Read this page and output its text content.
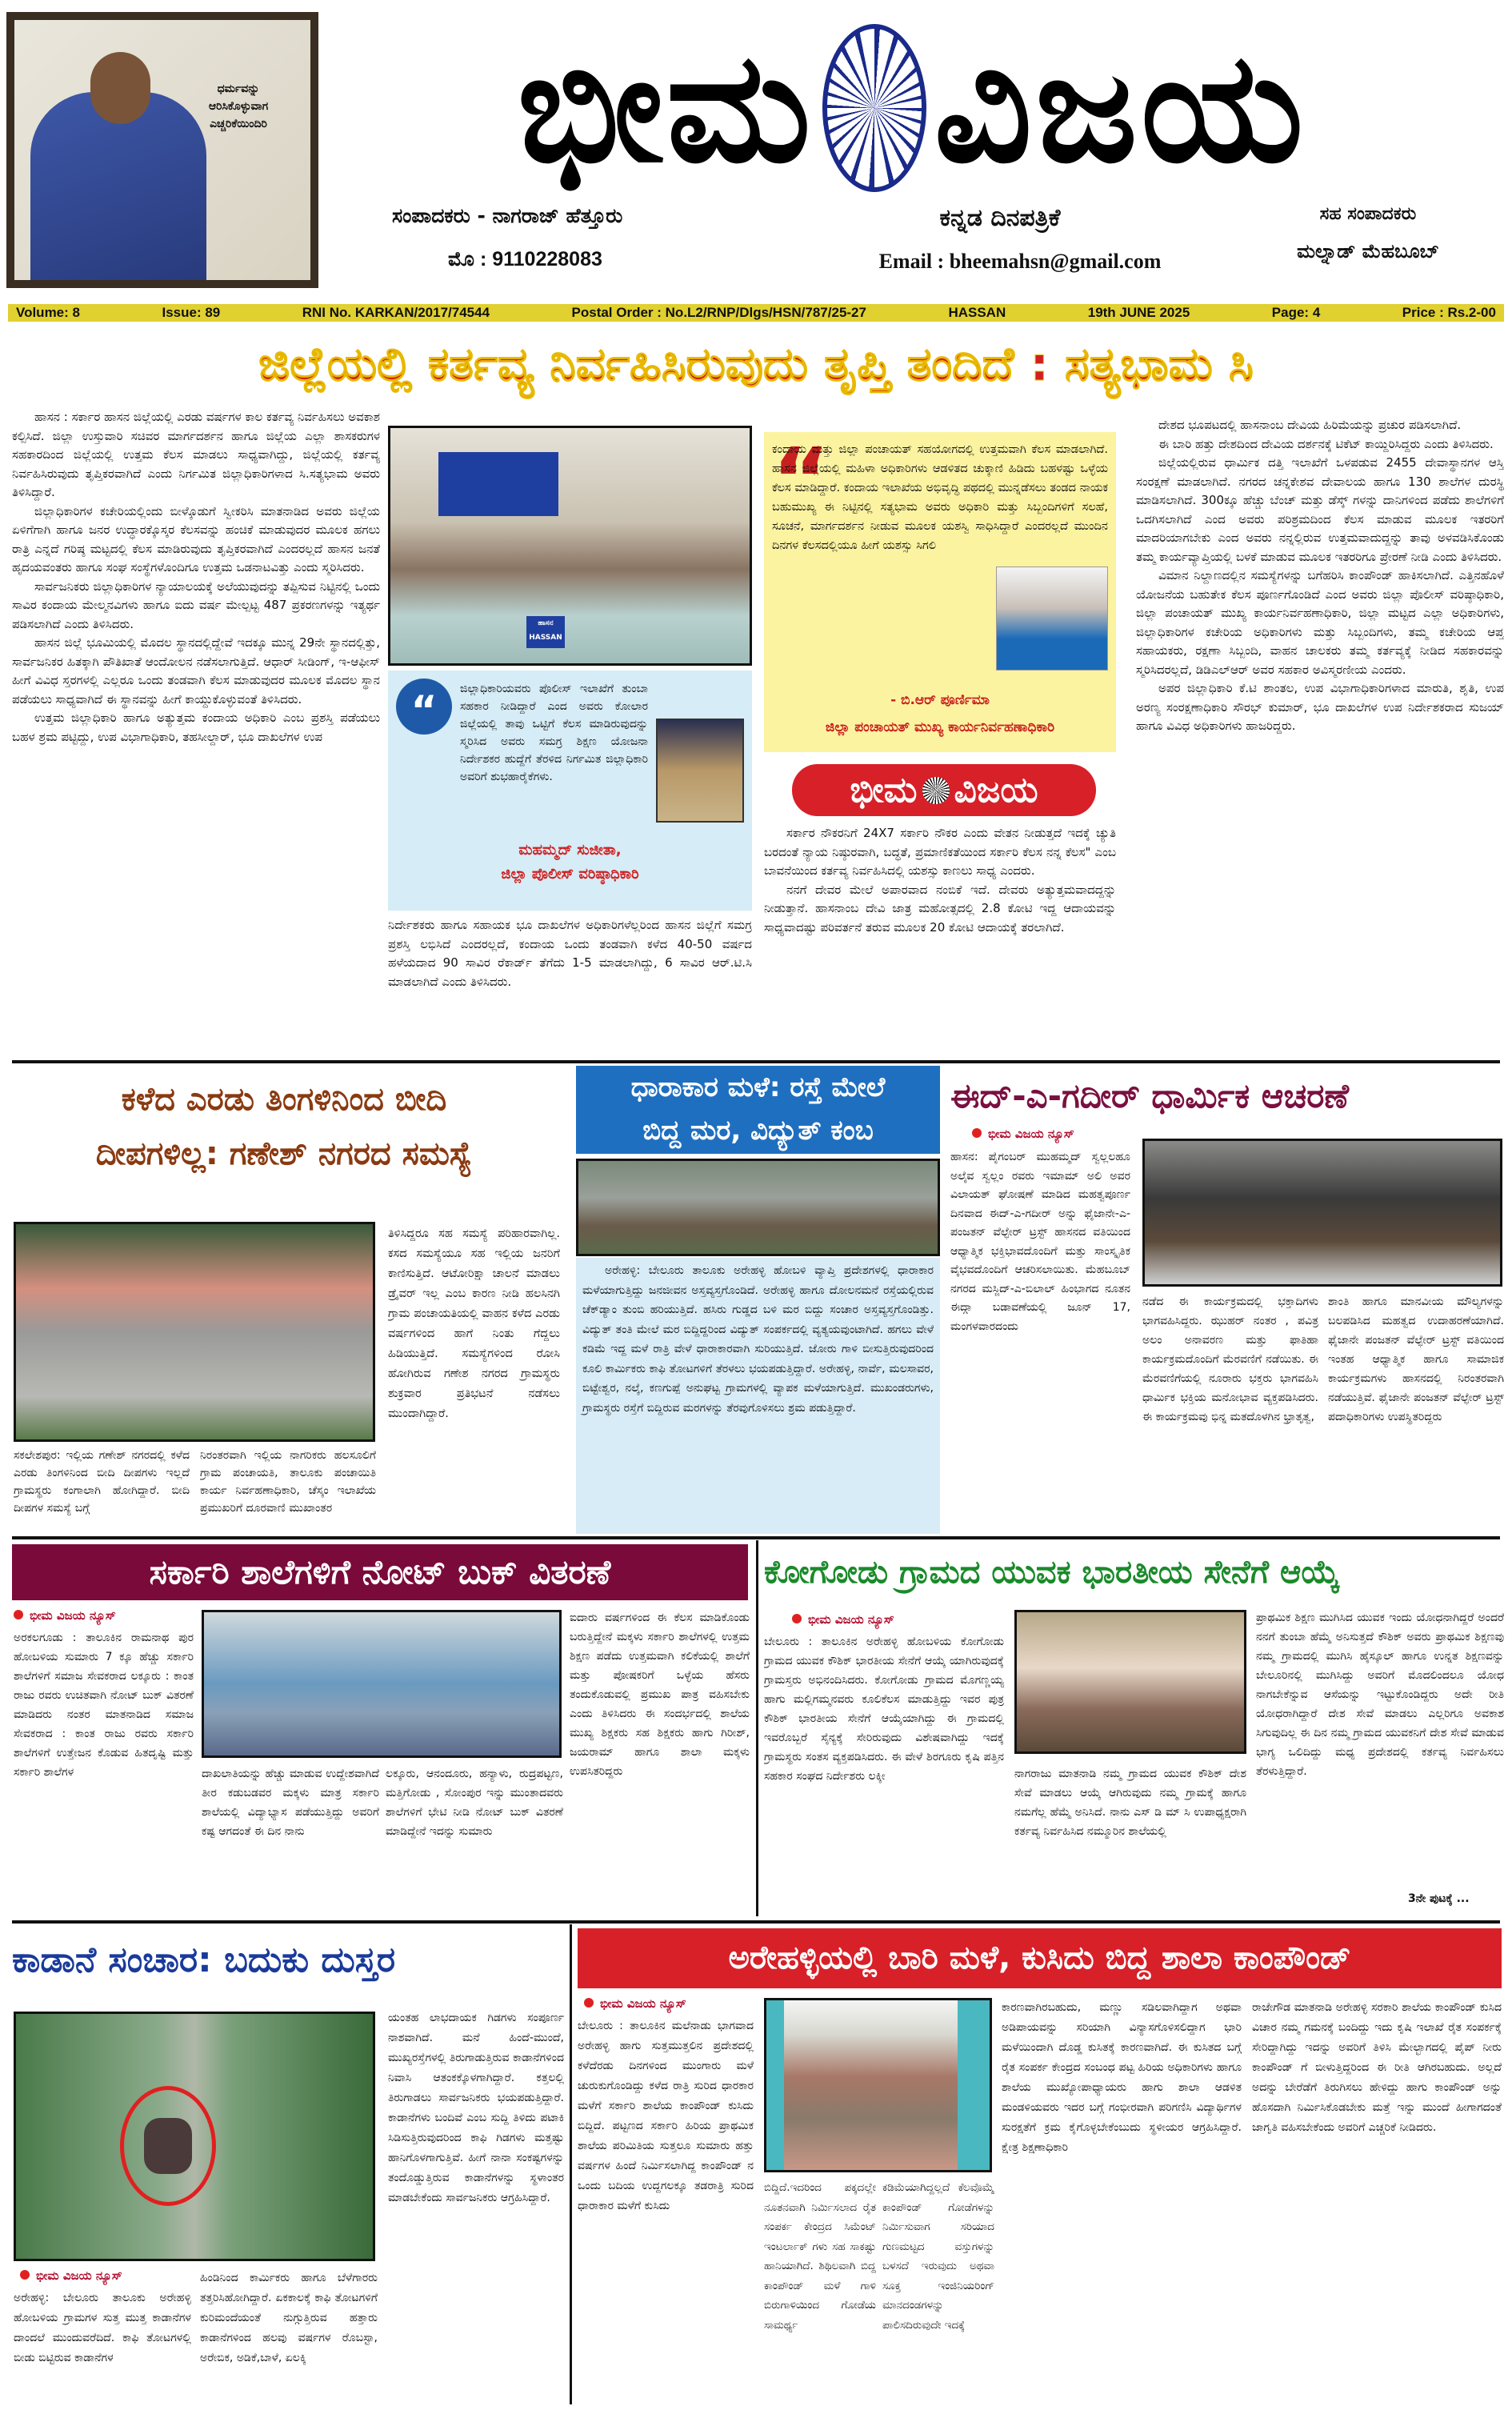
ಧರ್ಮವನ್ನು
ಆರಿಸಿಕೊಳ್ಳುವಾಗ
ಎಚ್ಚರಿಕೆಯಿಂದಿರಿ ಭೀಮ ವಿಜಯ
ಸಂಪಾದಕರು - ನಾಗರಾಜ್ ಹೆತ್ತೂರು
ಮೊ : 9110228083
ಕನ್ನಡ ದಿನಪತ್ರಿಕೆ
Email : bheemahsn@gmail.com
ಸಹ ಸಂಪಾದಕರು
ಮಲ್ನಾಡ್ ಮೆಹಬೂಬ್
Volume: 8	Issue: 89	RNI No. KARKAN/2017/74544	Postal Order : No.L2/RNP/Dlgs/HSN/787/25-27	HASSAN	19th JUNE 2025	Page: 4	Price : Rs.2-00
ಜಿಲ್ಲೆಯಲ್ಲಿ ಕರ್ತವ್ಯ ನಿರ್ವಹಿಸಿರುವುದು ತೃಪ್ತಿ ತಂದಿದೆ : ಸತ್ಯಭಾಮ ಸಿ

ಹಾಸನ : ಸರ್ಕಾರ ಹಾಸನ ಜಿಲ್ಲೆಯಲ್ಲಿ ಎರಡು ವರ್ಷಗಳ ಕಾಲ ಕರ್ತವ್ಯ ನಿರ್ವಹಿಸಲು ಅವಕಾಶ ಕಲ್ಪಿಸಿದೆ. ಜಿಲ್ಲಾ ಉಸ್ತುವಾರಿ ಸಚಿವರ ಮಾರ್ಗದರ್ಶನ ಹಾಗೂ ಜಿಲ್ಲೆಯ ಎಲ್ಲಾ ಶಾಸಕರುಗಳ ಸಹಕಾರದಿಂದ ಜಿಲ್ಲೆಯಲ್ಲಿ ಉತ್ತಮ ಕೆಲಸ ಮಾಡಲು ಸಾಧ್ಯವಾಗಿದ್ದು, ಜಿಲ್ಲೆಯಲ್ಲಿ ಕರ್ತವ್ಯ ನಿರ್ವಹಿಸಿರುವುದು ತೃಪ್ತಿಕರವಾಗಿದೆ ಎಂದು ನಿರ್ಗಮಿತ ಜಿಲ್ಲಾಧಿಕಾರಿಗಳಾದ ಸಿ.ಸತ್ಯಭಾಮ ಅವರು ತಿಳಿಸಿದ್ದಾರೆ.

ಜಿಲ್ಲಾಧಿಕಾರಿಗಳ ಕಚೇರಿಯಲ್ಲಿಂದು ಬೀಳ್ಕೊಡುಗೆ ಸ್ವೀಕರಿಸಿ ಮಾತನಾಡಿದ ಅವರು ಜಿಲ್ಲೆಯ ಏಳಿಗೆಗಾಗಿ ಹಾಗೂ ಜನರ ಉದ್ಧಾರಕ್ಕೊಸ್ಕರ ಕೆಲಸವನ್ನು ಹಂಚಿಕೆ ಮಾಡುವುದರ ಮೂಲಕ ಹಗಲು ರಾತ್ರಿ ಎನ್ನದೆ ಗರಿಷ್ಠ ಮಟ್ಟದಲ್ಲಿ ಕೆಲಸ ಮಾಡಿರುವುದು ತೃಪ್ತಿಕರವಾಗಿದೆ ಎಂದರಲ್ಲದೆ ಹಾಸನ ಜನತೆ ಹೃದಯವಂತರು ಹಾಗೂ ಸಂಘ ಸಂಸ್ಥೆಗಳೊಂದಿಗೂ ಉತ್ತಮ ಒಡನಾಟವಿತ್ತು ಎಂದು ಸ್ಮರಿಸಿದರು.

ಸಾರ್ವಜನಿಕರು ಜಿಲ್ಲಾಧಿಕಾರಿಗಳ ನ್ಯಾಯಾಲಯಕ್ಕೆ ಅಲೆಯುವುದನ್ನು ತಪ್ಪಿಸುವ ನಿಟ್ಟಿನಲ್ಲಿ ಒಂದು ಸಾವಿರ ಕಂದಾಯ ಮೇಲ್ಮನವಿಗಳು ಹಾಗೂ ಐದು ವರ್ಷ ಮೇಲ್ಪಟ್ಟ 487 ಪ್ರಕರಣಗಳನ್ನು ಇತ್ಯರ್ಥ ಪಡಿಸಲಾಗಿದೆ ಎಂದು ತಿಳಿಸಿದರು.

ಹಾಸನ ಜಿಲ್ಲೆ ಭೂಮಿಯಲ್ಲಿ ಮೊದಲ ಸ್ಥಾನದಲ್ಲಿದ್ದೇವೆ ಇದಕ್ಕೂ ಮುನ್ನ 29ನೇ ಸ್ಥಾನದಲ್ಲಿತ್ತು, ಸಾರ್ವಜನಿಕರ ಹಿತಕ್ಕಾಗಿ ಪೌತಿಖಾತೆ ಆಂದೋಲನ ನಡೆಸಲಾಗುತ್ತಿದೆ. ಆಧಾರ್ ಸೀಡಿಂಗ್, ಇ-ಆಫೀಸ್ ಹೀಗೆ ವಿವಿಧ ಸ್ತರಗಳಲ್ಲಿ ಎಲ್ಲರೂ ಒಂದು ತಂಡವಾಗಿ ಕೆಲಸ ಮಾಡುವುದರ ಮೂಲಕ ಮೊದಲ ಸ್ಥಾನ ಪಡೆಯಲು ಸಾಧ್ಯವಾಗಿದೆ ಈ ಸ್ಥಾನವನ್ನು ಹೀಗೆ ಕಾಯ್ದುಕೊಳ್ಳುವಂತೆ ತಿಳಿಸಿದರು.

ಉತ್ತಮ ಜಿಲ್ಲಾಧಿಕಾರಿ ಹಾಗೂ ಅತ್ಯುತ್ತಮ ಕಂದಾಯ ಅಧಿಕಾರಿ ಎಂಬ ಪ್ರಶಸ್ತಿ ಪಡೆಯಲು ಬಹಳ ಶ್ರಮ ಪಟ್ಟಿದ್ದು, ಉಪ ವಿಭಾಗಾಧಿಕಾರಿ, ತಹಸೀಲ್ದಾರ್, ಭೂ ದಾಖಲೆಗಳ ಉಪ

ಹಾಸನ HASSAN
“	ಜಿಲ್ಲಾಧಿಕಾರಿಯವರು ಪೊಲೀಸ್ ಇಲಾಖೆಗೆ ತುಂಬಾ ಸಹಕಾರ ನೀಡಿದ್ದಾರೆ ಎಂದ ಅವರು ಕೋಲಾರ ಜಿಲ್ಲೆಯಲ್ಲಿ ತಾವು ಒಟ್ಟಿಗೆ ಕೆಲಸ ಮಾಡಿರುವುದನ್ನು ಸ್ಮರಿಸಿದ ಅವರು ಸಮಗ್ರ ಶಿಕ್ಷಣ ಯೋಜನಾ ನಿರ್ದೇಶಕರ ಹುದ್ದೆಗೆ ತೆರಳಿದ ನಿರ್ಗಮಿತ ಜಿಲ್ಲಾಧಿಕಾರಿ ಅವರಿಗೆ ಶುಭಹಾರೈಕೆಗಳು.
ಮಹಮ್ಮದ್ ಸುಜೀತಾ,
ಜಿಲ್ಲಾ ಪೊಲೀಸ್ ವರಿಷ್ಠಾಧಿಕಾರಿ
ನಿರ್ದೇಶಕರು ಹಾಗೂ ಸಹಾಯಕ ಭೂ ದಾಖಲೆಗಳ ಅಧಿಕಾರಿಗಳೆಲ್ಲರಿಂದ ಹಾಸನ ಜಿಲ್ಲೆಗೆ ಸಮಗ್ರ ಪ್ರಶಸ್ತಿ ಲಭಿಸಿದೆ ಎಂದರಲ್ಲದೆ, ಕಂದಾಯ ಒಂದು ತಂಡವಾಗಿ ಕಳೆದ 40-50 ವರ್ಷದ ಹಳೆಯದಾದ 90 ಸಾವಿರ ರೆಕಾರ್ಡ್ ತೆಗೆದು 1-5 ಮಾಡಲಾಗಿದ್ದು, 6 ಸಾವಿರ ಆರ್.ಟಿ.ಸಿ ಮಾಡಲಾಗಿದೆ ಎಂದು ತಿಳಿಸಿದರು.
“
ಕಂದಾಯ ಮತ್ತು ಜಿಲ್ಲಾ ಪಂಚಾಯತ್ ಸಹಯೋಗದಲ್ಲಿ ಉತ್ತಮವಾಗಿ ಕೆಲಸ ಮಾಡಲಾಗಿದೆ. ಹಾಸನ ಜಿಲ್ಲೆಯಲ್ಲಿ ಮಹಿಳಾ ಅಧಿಕಾರಿಗಳು ಆಡಳಿತದ ಚುಕ್ಕಾಣಿ ಹಿಡಿದು ಬಹಳಷ್ಟು ಒಳ್ಳೆಯ ಕೆಲಸ ಮಾಡಿದ್ದಾರೆ. ಕಂದಾಯ ಇಲಾಖೆಯ ಅಭಿವೃದ್ಧಿ ಪಥದಲ್ಲಿ ಮುನ್ನಡೆಸಲು ತಂಡದ ನಾಯಕ ಬಹುಮುಖ್ಯ ಈ ನಿಟ್ಟಿನಲ್ಲಿ ಸತ್ಯಭಾಮ ಅವರು ಅಧಿಕಾರಿ ಮತ್ತು ಸಿಬ್ಬಂದಿಗಳಿಗೆ ಸಲಹೆ, ಸೂಚನೆ, ಮಾರ್ಗದರ್ಶನ ನೀಡುವ ಮೂಲಕ ಯಶಸ್ವಿ ಸಾಧಿಸಿದ್ದಾರೆ ಎಂದರಲ್ಲದೆ ಮುಂದಿನ ದಿನಗಳ ಕೆಲಸದಲ್ಲಿಯೂ ಹೀಗೆ ಯಶಸ್ಸು ಸಿಗಲಿ
- ಬಿ.ಆರ್ ಪೂರ್ಣಿಮಾ
ಜಿಲ್ಲಾ ಪಂಚಾಯತ್ ಮುಖ್ಯ ಕಾರ್ಯನಿರ್ವಹಣಾಧಿಕಾರಿ
ಭೀಮ ವಿಜಯ

ಸರ್ಕಾರ ನೌಕರನಿಗೆ 24X7 ಸರ್ಕಾರಿ ನೌಕರ ಎಂದು ವೇತನ ನೀಡುತ್ತದೆ ಇದಕ್ಕೆ ಚ್ಯುತಿ ಬರದಂತೆ ನ್ಯಾಯ ನಿಷ್ಠುರವಾಗಿ, ಬದ್ಧತೆ, ಪ್ರಮಾಣಿಕತೆಯಿಂದ ಸರ್ಕಾರಿ ಕೆಲಸ ನನ್ನ ಕೆಲಸ" ಎಂಬ ಬಾವನೆಯಿಂದ ಕರ್ತವ್ಯ ನಿರ್ವಹಿಸಿದಲ್ಲಿ ಯಶಸ್ಸು ಕಾಣಲು ಸಾಧ್ಯ ಎಂದರು.

ನನಗೆ ದೇವರ ಮೇಲೆ ಅಪಾರವಾದ ನಂಬಿಕೆ ಇದೆ. ದೇವರು ಅತ್ಯುತ್ತಮವಾದದ್ದನ್ನು ನೀಡುತ್ತಾನೆ. ಹಾಸನಾಂಬ ದೇವಿ ಜಾತ್ರ ಮಹೋತ್ಸದಲ್ಲಿ 2.8 ಕೋಟಿ ಇದ್ದ ಆದಾಯವನ್ನು ಸಾಧ್ಯವಾದಷ್ಟು ಪರಿವರ್ತನೆ ತರುವ ಮೂಲಕ 20 ಕೋಟಿ ಆದಾಯಕ್ಕೆ ತರಲಾಗಿದೆ.

ದೇಶದ ಭೂಪಟದಲ್ಲಿ ಹಾಸನಾಂಬ ದೇವಿಯ ಹಿರಿಮೆಯನ್ನು ಪ್ರಚುರ ಪಡಿಸಲಾಗಿದೆ.

ಈ ಬಾರಿ ಹತ್ತು ದೇಶದಿಂದ ದೇವಿಯ ದರ್ಶನಕ್ಕೆ ಟಿಕೆಟ್ ಕಾಯ್ದಿರಿಸಿದ್ದರು ಎಂದು ತಿಳಿಸಿದರು.

ಜಿಲ್ಲೆಯಲ್ಲಿರುವ ಧಾರ್ಮಿಕ ದತ್ತಿ ಇಲಾಖೆಗೆ ಒಳಪಡುವ 2455 ದೇವಾಸ್ಥಾನಗಳ ಆಸ್ತಿ ಸಂರಕ್ಷಣೆ ಮಾಡಲಾಗಿದೆ. ನಗರದ ಚನ್ನಕೇಶವ ದೇವಾಲಯ ಹಾಗೂ 130 ಶಾಲೆಗಳ ದುರಸ್ಥಿ ಮಾಡಿಸಲಾಗಿದೆ. 300ಕ್ಕೂ ಹೆಚ್ಚು ಬೆಂಚ್ ಮತ್ತು ಡೆಸ್ಕ್ ಗಳನ್ನು ದಾನಿಗಳಿಂದ ಪಡೆದು ಶಾಲೆಗಳಿಗೆ ಒದಗಿಸಲಾಗಿದೆ ಎಂದ ಅವರು ಪರಿಶ್ರಮದಿಂದ ಕೆಲಸ ಮಾಡುವ ಮೂಲಕ ಇತರರಿಗೆ ಮಾದರಿಯಾಗಬೇಕು ಎಂದ ಅವರು ನನ್ನಲ್ಲಿರುವ ಉತ್ತಮವಾದುದ್ದನ್ನು ತಾವು ಅಳವಡಿಸಿಕೊಂಡು ತಮ್ಮ ಕಾರ್ಯವ್ಯಾಪ್ತಿಯಲ್ಲಿ ಬಳಕೆ ಮಾಡುವ ಮೂಲಕ ಇತರರಿಗೂ ಪ್ರೇರಣೆ ನೀಡಿ ಎಂದು ತಿಳಿಸಿದರು.

ವಿಮಾನ ನಿಲ್ದಾಣದಲ್ಲಿನ ಸಮಸ್ಯೆಗಳನ್ನು ಬಗೆಹರಿಸಿ ಕಾಂಪೌಂಡ್ ಹಾಕಿಸಲಾಗಿದೆ. ಎತ್ತಿನಹೊಳೆ ಯೋಜನೆಯ ಬಹುತೇಕ ಕೆಲಸ ಪೂರ್ಣಗೊಂಡಿದೆ ಎಂದ ಅವರು ಜಿಲ್ಲಾ ಪೊಲೀಸ್ ವರಿಷ್ಠಾಧಿಕಾರಿ, ಜಿಲ್ಲಾ ಪಂಚಾಯತ್ ಮುಖ್ಯ ಕಾರ್ಯನಿರ್ವಹಣಾಧಿಕಾರಿ, ಜಿಲ್ಲಾ ಮಟ್ಟದ ಎಲ್ಲಾ ಅಧಿಕಾರಿಗಳು, ಜಿಲ್ಲಾಧಿಕಾರಿಗಳ ಕಚೇರಿಯ ಅಧಿಕಾರಿಗಳು ಮತ್ತು ಸಿಬ್ಬಂದಿಗಳು, ತಮ್ಮ ಕಚೇರಿಯ ಆಪ್ತ ಸಹಾಯಕರು, ರಕ್ಷಣಾ ಸಿಬ್ಬಂದಿ, ವಾಹನ ಚಾಲಕರು ತಮ್ಮ ಕರ್ತವ್ಯಕ್ಕೆ ನೀಡಿದ ಸಹಕಾರವನ್ನು ಸ್ಮರಿಸಿದರಲ್ಲದೆ, ಡಿಡಿಎಲ್ಆರ್ ಅವರ ಸಹಕಾರ ಅವಿಸ್ಮರಣೀಯ ಎಂದರು.

ಅಪರ ಜಿಲ್ಲಾಧಿಕಾರಿ ಕೆ.ಟಿ ಶಾಂತಲ, ಉಪ ವಿಭಾಗಾಧಿಕಾರಿಗಳಾದ ಮಾರುತಿ, ಶೃತಿ, ಉಪ ಅರಣ್ಯ ಸಂರಕ್ಷಣಾಧಿಕಾರಿ ಸೌರಭ್ ಕುಮಾರ್, ಭೂ ದಾಖಲೆಗಳ ಉಪ ನಿರ್ದೇಶಕರಾದ ಸುಜಯ್ ಹಾಗೂ ವಿವಿಧ ಅಧಿಕಾರಿಗಳು ಹಾಜರಿದ್ದರು.

ಕಳೆದ ಎರಡು ತಿಂಗಳಿನಿಂದ ಬೀದಿ
ದೀಪಗಳಿಲ್ಲ: ಗಣೇಶ್ ನಗರದ ಸಮಸ್ಯೆ
ಸಕಲೇಶಪುರ: ಇಲ್ಲಿಯ ಗಣೇಶ್ ನಗರದಲ್ಲಿ ಕಳೆದ ಎರಡು ತಿಂಗಳಿನಿಂದ ಬೀದಿ ದೀಪಗಳು ಇಲ್ಲದೆ ಗ್ರಾಮಸ್ಥರು ಕಂಗಾಲಾಗಿ ಹೋಗಿದ್ದಾರೆ. ಬೀದಿ ದೀಪಗಳ ಸಮಸ್ಯೆ ಬಗ್ಗೆ
ನಿರಂತರವಾಗಿ ಇಲ್ಲಿಯ ನಾಗರಿಕರು ಹಲಸೂಲಿಗೆ ಗ್ರಾಮ ಪಂಚಾಯತಿ, ತಾಲೂಕು ಪಂಚಾಯಿತಿ ಕಾರ್ಯ ನಿರ್ವಹಣಾಧಿಕಾರಿ, ಚೆಸ್ಕಂ ಇಲಾಖೆಯ ಪ್ರಮುಖರಿಗೆ ದೂರವಾಣಿ ಮುಖಾಂತರ
ತಿಳಿಸಿದ್ದರೂ ಸಹ ಸಮಸ್ಯೆ ಪರಿಹಾರವಾಗಿಲ್ಲ. ಕಸದ ಸಮಸ್ಯೆಯೂ ಸಹ ಇಲ್ಲಿಯ ಜನರಿಗೆ ಕಾಣಿಸುತ್ತಿದೆ. ಆಟೋರಿಕ್ಷಾ ಚಾಲನೆ ಮಾಡಲು ಡ್ರೈವರ್ ಇಲ್ಲ ಎಂಬ ಕಾರಣ ನೀಡಿ ಹಲಸಿನಗಿ ಗ್ರಾಮ ಪಂಚಾಯತಿಯಲ್ಲಿ ವಾಹನ ಕಳೆದ ಎರಡು ವರ್ಷಗಳಿಂದ ಹಾಗೆ ನಿಂತು ಗೆದ್ದಲು ಹಿಡಿಯುತ್ತಿದೆ. ಸಮಸ್ಯೆಗಳಿಂದ ರೋಸಿ ಹೋಗಿರುವ ಗಣೇಶ ನಗರದ ಗ್ರಾಮಸ್ಥರು ಶುಕ್ರವಾರ ಪ್ರತಿಭಟನೆ ನಡೆಸಲು ಮುಂದಾಗಿದ್ದಾರೆ.
ಧಾರಾಕಾರ ಮಳೆ: ರಸ್ತೆ ಮೇಲೆ
ಬಿದ್ದ ಮರ, ವಿದ್ಯುತ್ ಕಂಬ

ಅರೇಹಳ್ಳಿ: ಬೇಲೂರು ತಾಲೂಕು ಅರೇಹಳ್ಳಿ ಹೋಬಳಿ ವ್ಯಾಪ್ತಿ ಪ್ರದೇಶಗಳಲ್ಲಿ ಧಾರಾಕಾರ ಮಳೆಯಾಗುತ್ತಿದ್ದು ಜನಜೀವನ ಅಸ್ತವ್ಯಸ್ತಗೊಂಡಿದೆ. ಅರೇಹಳ್ಳಿ ಹಾಗೂ ದೋಲನಮನೆ ರಸ್ತೆಯಲ್ಲಿರುವ ಚೆಕ್‌ಡ್ಯಾಂ ತುಂಬಿ ಹರಿಯುತ್ತಿದೆ. ಹಸಿರು ಗುಡ್ಡದ ಬಳಿ ಮರ ಬಿದ್ದು ಸಂಚಾರ ಅಸ್ತವ್ಯಸ್ತಗೊಂಡಿತ್ತು. ವಿದ್ಯುತ್ ತಂತಿ ಮೇಲೆ ಮರ ಬಿದ್ದಿದ್ದರಿಂದ ವಿದ್ಯುತ್ ಸಂಪರ್ಕದಲ್ಲಿ ವ್ಯತ್ಯಯವುಂಟಾಗಿದೆ. ಹಗಲು ವೇಳೆ ಕಡಿಮೆ ಇದ್ದ ಮಳೆ ರಾತ್ರಿ ವೇಳೆ ಧಾರಾಕಾರವಾಗಿ ಸುರಿಯುತ್ತಿದೆ. ಜೋರು ಗಾಳಿ ಬೀಸುತ್ತಿರುವುದರಿಂದ ಕೂಲಿ ಕಾರ್ಮಿಕರು ಕಾಫಿ ತೋಟಗಳಿಗೆ ತೆರಳಲು ಭಯಪಡುತ್ತಿದ್ದಾರೆ. ಅರೇಹಳ್ಳಿ, ನಾರ್ವೆ, ಮಲಸಾವರ, ಬಿಟ್ಟೇಶ್ವರ, ನಲ್ಕೆ, ಕಣಗುಪ್ಪೆ ಅನುಘಟ್ಟ ಗ್ರಾಮಗಳಲ್ಲಿ ವ್ಯಾಪಕ ಮಳೆಯಾಗುತ್ತಿದೆ. ಮುಖಂಡರುಗಳು, ಗ್ರಾಮಸ್ಥರು ರಸ್ತೆಗೆ ಬಿದ್ದಿರುವ ಮರಗಳನ್ನು ತೆರವುಗೊಳಿಸಲು ಶ್ರಮ ಪಡುತ್ತಿದ್ದಾರೆ.

ಈದ್-ಎ-ಗದೀರ್ ಧಾರ್ಮಿಕ ಆಚರಣೆ
ಭೀಮ ವಿಜಯ ನ್ಯೂಸ್
ಹಾಸನ: ಪೈಗಂಬರ್ ಮುಹಮ್ಮದ್ ಸ್ವಲ್ಲಲಹೂ ಅಲೈವ ಸ್ವಲ್ಲಂ ರವರು ಇಮಾಮ್ ಅಲಿ ಅವರ ವಿಲಾಯತ್ ಘೋಷಣೆ ಮಾಡಿದ ಮಹತ್ವಪೂರ್ಣ ದಿನವಾದ ಈದ್-ಎ-ಗದೀರ್ ಅನ್ನು ಫೈಜಾನೇ-ಎ-ಪಂಜತನ್ ವೆಲ್ಫೇರ್ ಟ್ರಸ್ಟ್ ಹಾಸನದ ವತಿಯಿಂದ ಆಧ್ಯಾತ್ಮಿಕ ಭಕ್ತಿಭಾವದೊಂದಿಗೆ ಮತ್ತು ಸಾಂಸ್ಕೃತಿಕ ವೈಭವದೊಂದಿಗೆ ಆಚರಿಸಲಾಯಿತು. ಮೆಹಬೂಬ್ ನಗರದ ಮಸ್ಜಿದ್-ಎ-ಬಿಲಾಲ್ ಹಿಂಭಾಗದ ನೂತನ ಈದ್ಗಾ ಬಡಾವಣೆಯಲ್ಲಿ ಜೂನ್ 17, ಮಂಗಳವಾರದಂದು
ನಡೆದ ಈ ಕಾರ್ಯಕ್ರಮದಲ್ಲಿ ಭಕ್ತಾದಿಗಳು ಭಾಗವಹಿಸಿದ್ದರು. ಝುಹರ್ ನಂತರ , ಪವಿತ್ರ ಅಲಂ ಅನಾವರಣ ಮತ್ತು ಫಾತಿಹಾ ಕಾರ್ಯಕ್ರಮದೊಂದಿಗೆ ಮೆರವಣಿಗೆ ನಡೆಯಿತು. ಈ ಮೆರವಣಿಗೆಯಲ್ಲಿ ನೂರಾರು ಭಕ್ತರು ಭಾಗವಹಿಸಿ ಧಾರ್ಮಿಕ ಭಕ್ತಿಯ ಮನೋಭಾವ ವ್ಯಕ್ತಪಡಿಸಿದರು. ಈ ಕಾರ್ಯಕ್ರಮವು ಭಿನ್ನ ಮತದೊಳಗಿನ ಭ್ರಾತೃತ್ವ,
ಶಾಂತಿ ಹಾಗೂ ಮಾನವೀಯ ಮೌಲ್ಯಗಳನ್ನು ಬಲಪಡಿಸಿದ ಮಹತ್ವದ ಉದಾಹರಣೆಯಾಗಿದೆ. ಫೈಜಾನೇ ಪಂಜತನ್ ವೆಲ್ಫೇರ್ ಟ್ರಸ್ಟ್ ವತಿಯಿಂದ ಇಂತಹ ಆಧ್ಯಾತ್ಮಿಕ ಹಾಗೂ ಸಾಮಾಜಿಕ ಕಾರ್ಯಕ್ರಮಗಳು ಹಾಸನದಲ್ಲಿ ನಿರಂತರವಾಗಿ ನಡೆಯುತ್ತಿವೆ. ಫೈಜಾನೇ ಪಂಜತನ್ ವೆಲ್ಫೇರ್ ಟ್ರಸ್ಟ್ ಪದಾಧಿಕಾರಿಗಳು ಉಪಸ್ಥಿತರಿದ್ದರು
ಸರ್ಕಾರಿ ಶಾಲೆಗಳಿಗೆ ನೋಟ್ ಬುಕ್ ವಿತರಣೆ
ಭೀಮ ವಿಜಯ ನ್ಯೂಸ್
ಅರಕಲಗೂಡು : ತಾಲೂಕಿನ ರಾಮನಾಥ ಪುರ ಹೋಬಳಿಯ ಸುಮಾರು 7 ಕ್ಕೂ ಹೆಚ್ಚು ಸರ್ಕಾರಿ ಶಾಲೆಗಳಿಗೆ ಸಮಾಜ ಸೇವಕರಾದ ಲಕ್ಕೂರು : ಕಾಂತ ರಾಜು ರವರು ಉಚಿತವಾಗಿ ನೋಟ್ ಬುಕ್ ವಿತರಣೆ ಮಾಡಿದರು ನಂತರ ಮಾತನಾಡಿದ ಸಮಾಜ ಸೇವಕರಾದ : ಕಾಂತ ರಾಜು ರವರು ಸರ್ಕಾರಿ ಶಾಲೆಗಳಿಗೆ ಉತ್ತೇಜನ ಕೊಡುವ ಹಿತದೃಷ್ಟಿ ಮತ್ತು ಸರ್ಕಾರಿ ಶಾಲೆಗಳ	ದಾಖಲಾತಿಯನ್ನು ಹೆಚ್ಚು ಮಾಡುವ ಉದ್ದೇಶವಾಗಿದೆ ತೀರ ಕಡುಬಡವರ ಮಕ್ಕಳು ಮಾತ್ರ ಸರ್ಕಾರಿ ಶಾಲೆಯಲ್ಲಿ ವಿದ್ಯಾಭ್ಯಾಸ ಪಡೆಯುತ್ತಿದ್ದು ಅವರಿಗೆ ಕಷ್ಟ ಆಗದಂತೆ ಈ ದಿನ ನಾನು
ಲಕ್ಕೂರು, ಆನಂದೂರು, ಹನ್ಯಾಳು, ರುದ್ರಪಟ್ಟಣ, ಮತ್ತಿಗೋಡು , ಸೋಂಪುರ ಇನ್ನು ಮುಂತಾದವರು ಶಾಲೆಗಳಿಗೆ ಭೇಟಿ ನೀಡಿ ನೋಟ್ ಬುಕ್ ವಿತರಣೆ ಮಾಡಿದ್ದೇನೆ ಇದನ್ನು ಸುಮಾರು
ಐದಾರು ವರ್ಷಗಳಿಂದ ಈ ಕೆಲಸ ಮಾಡಿಕೊಂಡು ಬರುತ್ತಿದ್ದೇನೆ ಮಕ್ಕಳು ಸರ್ಕಾರಿ ಶಾಲೆಗಳಲ್ಲಿ ಉತ್ತಮ ಶಿಕ್ಷಣ ಪಡೆದು ಉತ್ತಮವಾಗಿ ಕಲಿಕೆಯಲ್ಲಿ ಶಾಲೆಗೆ ಮತ್ತು ಪೋಷಕರಿಗೆ ಒಳ್ಳೆಯ ಹೆಸರು ತಂದುಕೊಡುವಲ್ಲಿ ಪ್ರಮುಖ ಪಾತ್ರ ವಹಿಸಬೇಕು ಎಂದು ತಿಳಿಸಿದರು ಈ ಸಂದರ್ಭದಲ್ಲಿ ಶಾಲೆಯ ಮುಖ್ಯ ಶಿಕ್ಷಕರು ಸಹ ಶಿಕ್ಷಕರು ಹಾಗು ಗಿರೀಶ್, ಜಯರಾಮ್ ಹಾಗೂ ಶಾಲಾ ಮಕ್ಕಳು ಉಪಸಿತರಿದ್ದರು
ಕೋಗೋಡು ಗ್ರಾಮದ ಯುವಕ ಭಾರತೀಯ ಸೇನೆಗೆ ಆಯ್ಕೆ
ಭೀಮ ವಿಜಯ ನ್ಯೂಸ್
ಬೇಲೂರು : ತಾಲೂಕಿನ ಅರೇಹಳ್ಳಿ ಹೋಬಳಿಯ ಕೋಗೋಡು ಗ್ರಾಮದ ಯುವಕ ಕೌಶಿಕ್ ಭಾರತೀಯ ಸೇನೆಗೆ ಆಯ್ಕೆ ಯಾಗಿರುವುದಕ್ಕೆ ಗ್ರಾಮಸ್ತರು ಅಭಿನಂದಿಸಿದರು. ಕೋಗೋಡು ಗ್ರಾಮದ ಮೊಗಣ್ಣಯ್ಯ ಹಾಗು ಮಲ್ಲಿಗಮ್ಮನವರು ಕೂಲಿಕೆಲಸ ಮಾಡುತ್ತಿದ್ದು ಇವರ ಪುತ್ರ ಕೌಶಿಕ್ ಭಾರತೀಯ ಸೇನೆಗೆ ಆಯ್ಕೆಯಾಗಿದ್ದು ಈ ಗ್ರಾಮದಲ್ಲಿ ಇವರೊಬ್ಬರೆ ಸೈನ್ಯಕ್ಕೆ ಸೇರಿರುವುದು ವಿಶೇಷವಾಗಿದ್ದು ಇದಕ್ಕೆ ಗ್ರಾಮಸ್ಥರು ಸಂತಸ ವ್ಯಕ್ತಪಡಿಸಿದರು. ಈ ವೇಳೆ ಶಿರಗೂರು ಕೃಷಿ ಪತ್ತಿನ ಸಹಕಾರ ಸಂಘದ ನಿರ್ದೇಶರು ಲಕ್ಕೀ	ನಾಗರಾಜು ಮಾತನಾಡಿ ನಮ್ಮ ಗ್ರಾಮದ ಯುವಕ ಕೌಶಿಕ್ ದೇಶ ಸೇವೆ ಮಾಡಲು ಆಯ್ಕೆ ಆಗಿರುವುದು ನಮ್ಮ ಗ್ರಾಮಕ್ಕೆ ಹಾಗೂ ನಮಗೆಲ್ಲ ಹೆಮ್ಮೆ ಅನಿಸಿದೆ. ನಾನು ಎಸ್ ಡಿ ಮ್ ಸಿ ಉಪಾಧ್ಯಕ್ಷರಾಗಿ ಕರ್ತವ್ಯ ನಿರ್ವಹಿಸಿದ ನಮ್ಮೂರಿನ ಶಾಲೆಯಲ್ಲಿ
ಪ್ರಾಥಮಿಕ ಶಿಕ್ಷಣ ಮುಗಿಸಿದ ಯುವಕ ಇಂದು ಯೋಧನಾಗಿದ್ದರೆ ಅಂದರೆ ನನಗೆ ತುಂಬಾ ಹೆಮ್ಮೆ ಅನಿಸುತ್ತದೆ ಕೌಶಿಕ್ ಅವರು ಪ್ರಾಥಮಿಕ ಶಿಕ್ಷಣವು ನಮ್ಮ ಗ್ರಾಮದಲ್ಲಿ ಮುಗಿಸಿ ಹೈಸ್ಕೂಲ್ ಹಾಗೂ ಉನ್ನತ ಶಿಕ್ಷಣವನ್ನು ಬೇಲೂರಿನಲ್ಲಿ ಮುಗಿಸಿದ್ದು ಅವರಿಗೆ ಮೊದಲಿಂದಲೂ ಯೋಧ ನಾಗಬೇಕೆನ್ನುವ ಆಸೆಯನ್ನು ಇಟ್ಟುಕೊಂಡಿದ್ದರು ಅದೇ ರೀತಿ ಯೋಧರಾಗಿದ್ದಾರೆ ದೇಶ ಸೇವೆ ಮಾಡಲು ಎಲ್ಲರಿಗೂ ಅವಕಾಶ ಸಿಗುವುದಿಲ್ಲ ಈ ದಿನ ನಮ್ಮ ಗ್ರಾಮದ ಯುವಕನಿಗೆ ದೇಶ ಸೇವೆ ಮಾಡುವ ಭಾಗ್ಯ ಒಲಿದಿದ್ದು ಮಧ್ಯ ಪ್ರದೇಶದಲ್ಲಿ ಕರ್ತವ್ಯ ನಿರ್ವಹಿಸಲು ತೆರಳುತ್ತಿದ್ದಾರೆ.
3ನೇ ಪುಟಕ್ಕೆ ...
ಕಾಡಾನೆ ಸಂಚಾರ: ಬದುಕು ದುಸ್ತರ
ಭೀಮ ವಿಜಯ ನ್ಯೂಸ್
ಅರೇಹಳ್ಳಿ: ಬೇಲೂರು ತಾಲೂಕು ಅರೇಹಳ್ಳಿ ಹೋಬಳಿಯ ಗ್ರಾಮಗಳ ಸುತ್ತ ಮುತ್ತ ಕಾಡಾನೆಗಳ ದಾಂದಲೆ ಮುಂದುವರೆದಿದೆ. ಕಾಫಿ ತೋಟಗಳಲ್ಲಿ ಬೀಡು ಬಿಟ್ಟಿರುವ ಕಾಡಾನೆಗಳ
ಹಿಂಡಿನಿಂದ ಕಾರ್ಮಿಕರು ಹಾಗೂ ಬೆಳೆಗಾರರು ತತ್ತರಿಸಿಹೋಗಿದ್ದಾರೆ. ಏಕಕಾಲಕ್ಕೆ ಕಾಫಿ ತೋಟಗಳಿಗೆ ಕುರಿಮಂದೆಯಂತೆ ನುಗ್ಗುತ್ತಿರುವ ಹತ್ತಾರು ಕಾಡಾನೆಗಳಿಂದ ಹಲವು ವರ್ಷಗಳ ರೊಬಸ್ಟಾ, ಅರೇಬಿಕ, ಅಡಿಕೆ,ಬಾಳೆ, ಏಲಕ್ಕಿ
ಯಂತಹ ಲಾಭದಾಯಕ ಗಿಡಗಳು ಸಂಪೂರ್ಣ ನಾಶವಾಗಿದೆ. ಮನೆ ಹಿಂದೆ-ಮುಂದೆ, ಮುಖ್ಯರಸ್ತೆಗಳಲ್ಲಿ ತಿರುಗಾಡುತ್ತಿರುವ ಕಾಡಾನೆಗಳಿಂದ ನಿವಾಸಿ ಆತಂಕಕ್ಕೊಳಗಾಗಿದ್ದಾರೆ. ಕತ್ತಲಲ್ಲಿ ತಿರುಗಾಡಲು ಸಾರ್ವಜನಿಕರು ಭಯಪಡುತ್ತಿದ್ದಾರೆ. ಕಾಡಾನೆಗಳು ಬಂದಿವೆ ಎಂಬ ಸುದ್ದಿ ತಿಳಿದು ಪಟಾಕಿ ಸಿಡಿಸುತ್ತಿರುವುದರಿಂದ ಕಾಫಿ ಗಿಡಗಳು ಮತ್ತಷ್ಟು ಹಾನಿಗೊಳಗಾಗುತ್ತಿವೆ. ಹೀಗೆ ನಾನಾ ಸಂಕಷ್ಟಗಳನ್ನು ತಂದೊಡ್ಡುತ್ತಿರುವ ಕಾಡಾನೆಗಳನ್ನು ಸ್ಥಳಾಂತರ ಮಾಡಬೇಕೆಂದು ಸಾರ್ವಜನಿಕರು ಆಗ್ರಹಿಸಿದ್ದಾರೆ.
ಅರೇಹಳ್ಳಿಯಲ್ಲಿ ಬಾರಿ ಮಳೆ, ಕುಸಿದು ಬಿದ್ದ ಶಾಲಾ ಕಾಂಪೌಂಡ್
ಭೀಮ ವಿಜಯ ನ್ಯೂಸ್
ಬೇಲೂರು : ತಾಲೂಕಿನ ಮಲೆನಾಡು ಭಾಗವಾದ ಅರೇಹಳ್ಳಿ ಹಾಗು ಸುತ್ತಮುತ್ತಲಿನ ಪ್ರದೇಶದಲ್ಲಿ ಕಳೆದೆರಡು ದಿನಗಳಿಂದ ಮುಂಗಾರು ಮಳೆ ಚುರುಕುಗೊಂಡಿದ್ದು ಕಳೆದ ರಾತ್ರಿ ಸುರಿದ ಧಾರಕಾರ ಮಳೆಗೆ ಸರ್ಕಾರಿ ಶಾಲೆಯ ಕಾಂಪೌಂಡ್ ಕುಸಿದು ಬಿದ್ದಿದೆ. ಪಟ್ಟಣದ ಸರ್ಕಾರಿ ಹಿರಿಯ ಪ್ರಾಥಮಿಕ ಶಾಲೆಯ ಪರಿಮಿತಿಯ ಸುತ್ತಲೂ ಸುಮಾರು ಹತ್ತು ವರ್ಷಗಳ ಹಿಂದೆ ನಿರ್ಮಿಸಲಾಗಿದ್ದ ಕಾಂಪೌಂಡ್ ನ ಒಂದು ಬದಿಯ ಉದ್ದಗಲಕ್ಕೂ ತಡರಾತ್ರಿ ಸುರಿದ ಧಾರಾಕಾರ ಮಳೆಗೆ ಕುಸಿದು
ಬಿದ್ದಿದೆ.ಇದರಿಂದ ಪಕ್ಕದಲ್ಲೇ ನೂತನವಾಗಿ ನಿರ್ಮಿಸಲಾದ ರೈತ ಸಂಪರ್ಕ ಕೇಂದ್ರದ ಸಿಮೆಂಟ್ ಇಂಟರ್ಲಾಕ್ ಗಳು ಸಹ ಸಾಕಷ್ಟು ಹಾನಿಯಾಗಿದೆ. ಶಿಥಿಲವಾಗಿ ಬಿದ್ದ ಕಾಂಪೌಂಡ್ ಮಳೆ ಗಾಳಿ ಬಿರುಗಾಳಿಯಿಂದ ಗೋಡೆಯ ಸಾಮರ್ಥ್ಯ
ಕಡಿಮೆಯಾಗಿದ್ದಲ್ಲದೆ ಕೆಲವೊಮ್ಮೆ ಕಾಂಪೌಂಡ್ ಗೋಡೆಗಳನ್ನು ನಿರ್ಮಿಸುವಾಗ ಸರಿಯಾದ ಗುಣಮಟ್ಟದ ವಸ್ತುಗಳನ್ನು ಬಳಸದೆ ಇರುವುದು ಅಥವಾ ಸೂಕ್ತ ಇಂಜಿನಿಯರಿಂಗ್ ಮಾನದಂಡಗಳನ್ನು ಪಾಲಿಸದಿರುವುದೇ ಇದಕ್ಕೆ
ಕಾರಣವಾಗಿರಬಹುದು, ಮಣ್ಣು ಸಡಿಲವಾಗಿದ್ದಾಗ ಅಥವಾ ಅಡಿಪಾಯವನ್ನು ಸರಿಯಾಗಿ ವಿನ್ಯಾಸಗೊಳಿಸಲಿದ್ದಾಗ ಭಾರಿ ಮಳೆಯಿಂದಾಗಿ ದೊಡ್ಡ ಕುಸಿತಕ್ಕೆ ಕಾರಣವಾಗಿದೆ. ಈ ಕುಸಿತದ ಬಗ್ಗೆ ರೈತ ಸಂಪರ್ಕ ಕೇಂದ್ರದ ಸಂಬಂಧ ಪಟ್ಟ ಹಿರಿಯ ಅಧಿಕಾರಿಗಳು ಹಾಗೂ ಶಾಲೆಯ ಮುಖ್ಯೋಪಾಧ್ಯಾಯರು ಹಾಗು ಶಾಲಾ ಆಡಳಿತ ಮಂಡಳಿಯವರು ಇದರ ಬಗ್ಗೆ ಗಂಭೀರವಾಗಿ ಪರಿಗಣಿಸಿ ವಿದ್ಯಾರ್ಥಿಗಳ ಸುರಕ್ಷತೆಗೆ ಕ್ರಮ ಕೈಗೊಳ್ಳಬೇಕೆಂಬುದು ಸ್ಥಳೀಯರ ಆಗ್ರಹಿಸಿದ್ದಾರೆ. ಕ್ಷೇತ್ರ ಶಿಕ್ಷಣಾಧಿಕಾರಿ
ರಾಜೇಗೌಡ ಮಾತನಾಡಿ ಅರೇಹಳ್ಳಿ ಸರಕಾರಿ ಶಾಲೆಯ ಕಾಂಪೌಂಡ್ ಕುಸಿದ ವಿಚಾರ ನಮ್ಮ ಗಮನಕ್ಕೆ ಬಂದಿದ್ದು ಇದು ಕೃಷಿ ಇಲಾಖೆ ರೈತ ಸಂಪರ್ಕಕ್ಕೆ ಸೇರಿದ್ದಾಗಿದ್ದು ಇದನ್ನು ಅವರಿಗೆ ತಿಳಿಸಿ ಮೇಲ್ಭಾಗದಲ್ಲಿ ಪೈಪ್ ನೀರು ಕಾಂಪೌಂಡ್ ಗೆ ಬೀಳುತ್ತಿದ್ದರಿಂದ ಈ ರೀತಿ ಆಗಿರಬಹುದು. ಅಲ್ಲದೆ ಅದನ್ನು ಬೇರೆಡೆಗೆ ತಿರುಗಿಸಲು ಹೇಳಿದ್ದು ಹಾಗು ಕಾಂಪೌಂಡ್ ಅನ್ನು ಹೊಸದಾಗಿ ನಿರ್ಮಿಸಿಕೊಡಬೇಕು ಮತ್ತೆ ಇನ್ನು ಮುಂದೆ ಹೀಗಾಗದಂತೆ ಜಾಗೃತಿ ವಹಿಸಬೇಕೆಂದು ಅವರಿಗೆ ಎಚ್ಚರಿಕೆ ನೀಡಿದರು.
